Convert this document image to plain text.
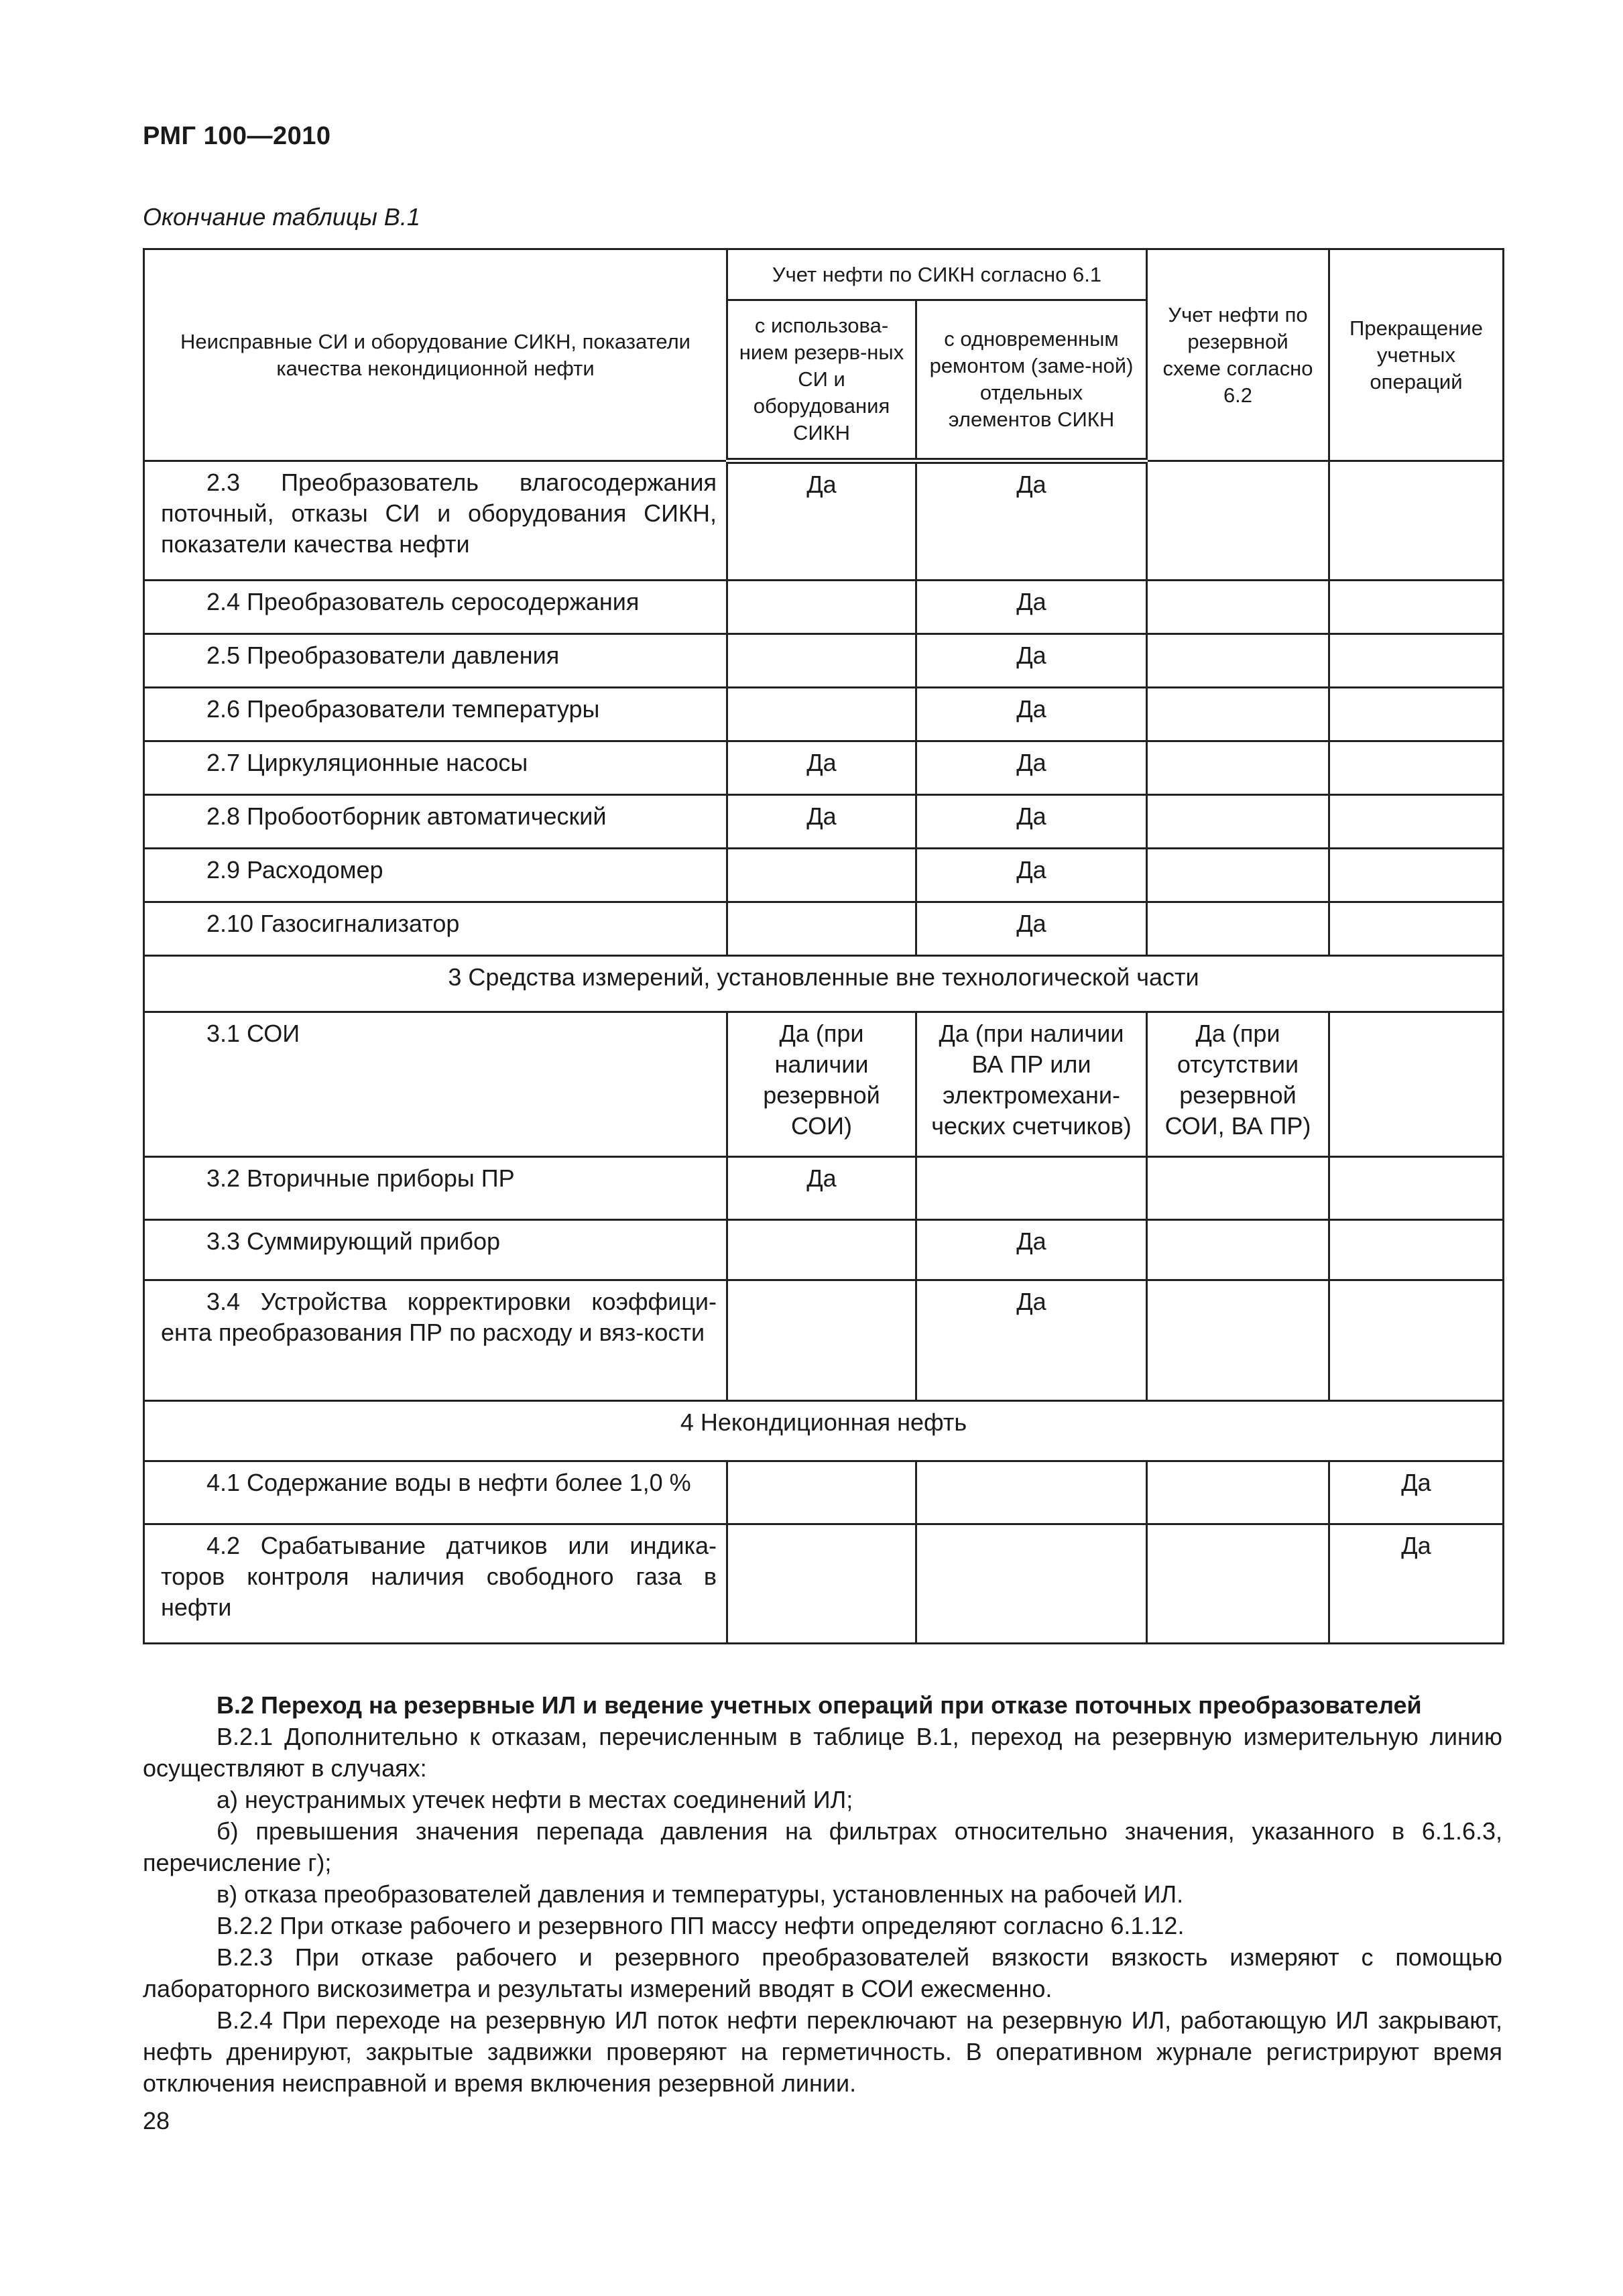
РМГ 100—2010
Окончание таблицы В.1
Неисправные СИ и оборудование СИКН, показатели качества некондиционной нефти	Учет нефти по СИКН согласно 6.1		Учет нефти по резервной схеме согласно 6.2	Прекращение учетных операций
	с использова-нием резерв-ных СИ и оборудования СИКН	с одновременным ремонтом (заме-ной) отдельных элементов СИКН		
2.3 Преобразователь влагосодержания поточный, отказы СИ и оборудования СИКН, показатели качества нефти	Да	Да		
2.4 Преобразователь серосодержания		Да		
2.5 Преобразователи давления		Да		
2.6 Преобразователи температуры		Да		
2.7 Циркуляционные насосы	Да	Да		
2.8 Пробоотборник автоматический	Да	Да		
2.9 Расходомер		Да		
2.10 Газосигнализатор		Да		
3 Средства измерений, установленные вне технологической части				
3.1 СОИ	Да (при наличии резервной СОИ)	Да (при наличии ВА ПР или электромехани-ческих счетчиков)	Да (при отсутствии резервной СОИ, ВА ПР)	
3.2 Вторичные приборы ПР	Да			
3.3 Суммирующий прибор		Да		
3.4 Устройства корректировки коэффици-ента преобразования ПР по расходу и вяз-кости		Да		
4 Некондиционная нефть				
4.1 Содержание воды в нефти более 1,0 %				Да
4.2 Срабатывание датчиков или индика-торов контроля наличия свободного газа в нефти				Да

В.2 Переход на резервные ИЛ и ведение учетных операций при отказе поточных преобразователей

В.2.1 Дополнительно к отказам, перечисленным в таблице В.1, переход на резервную измерительную линию осуществляют в случаях:

а) неустранимых утечек нефти в местах соединений ИЛ;

б) превышения значения перепада давления на фильтрах относительно значения, указанного в 6.1.6.3, перечисление г);

в) отказа преобразователей давления и температуры, установленных на рабочей ИЛ.

В.2.2 При отказе рабочего и резервного ПП массу нефти определяют согласно 6.1.12.

В.2.3 При отказе рабочего и резервного преобразователей вязкости вязкость измеряют с помощью лабораторного вискозиметра и результаты измерений вводят в СОИ ежесменно.

В.2.4 При переходе на резервную ИЛ поток нефти переключают на резервную ИЛ, работающую ИЛ закрывают, нефть дренируют, закрытые задвижки проверяют на герметичность. В оперативном журнале регистрируют время отключения неисправной и время включения резервной линии.

28
